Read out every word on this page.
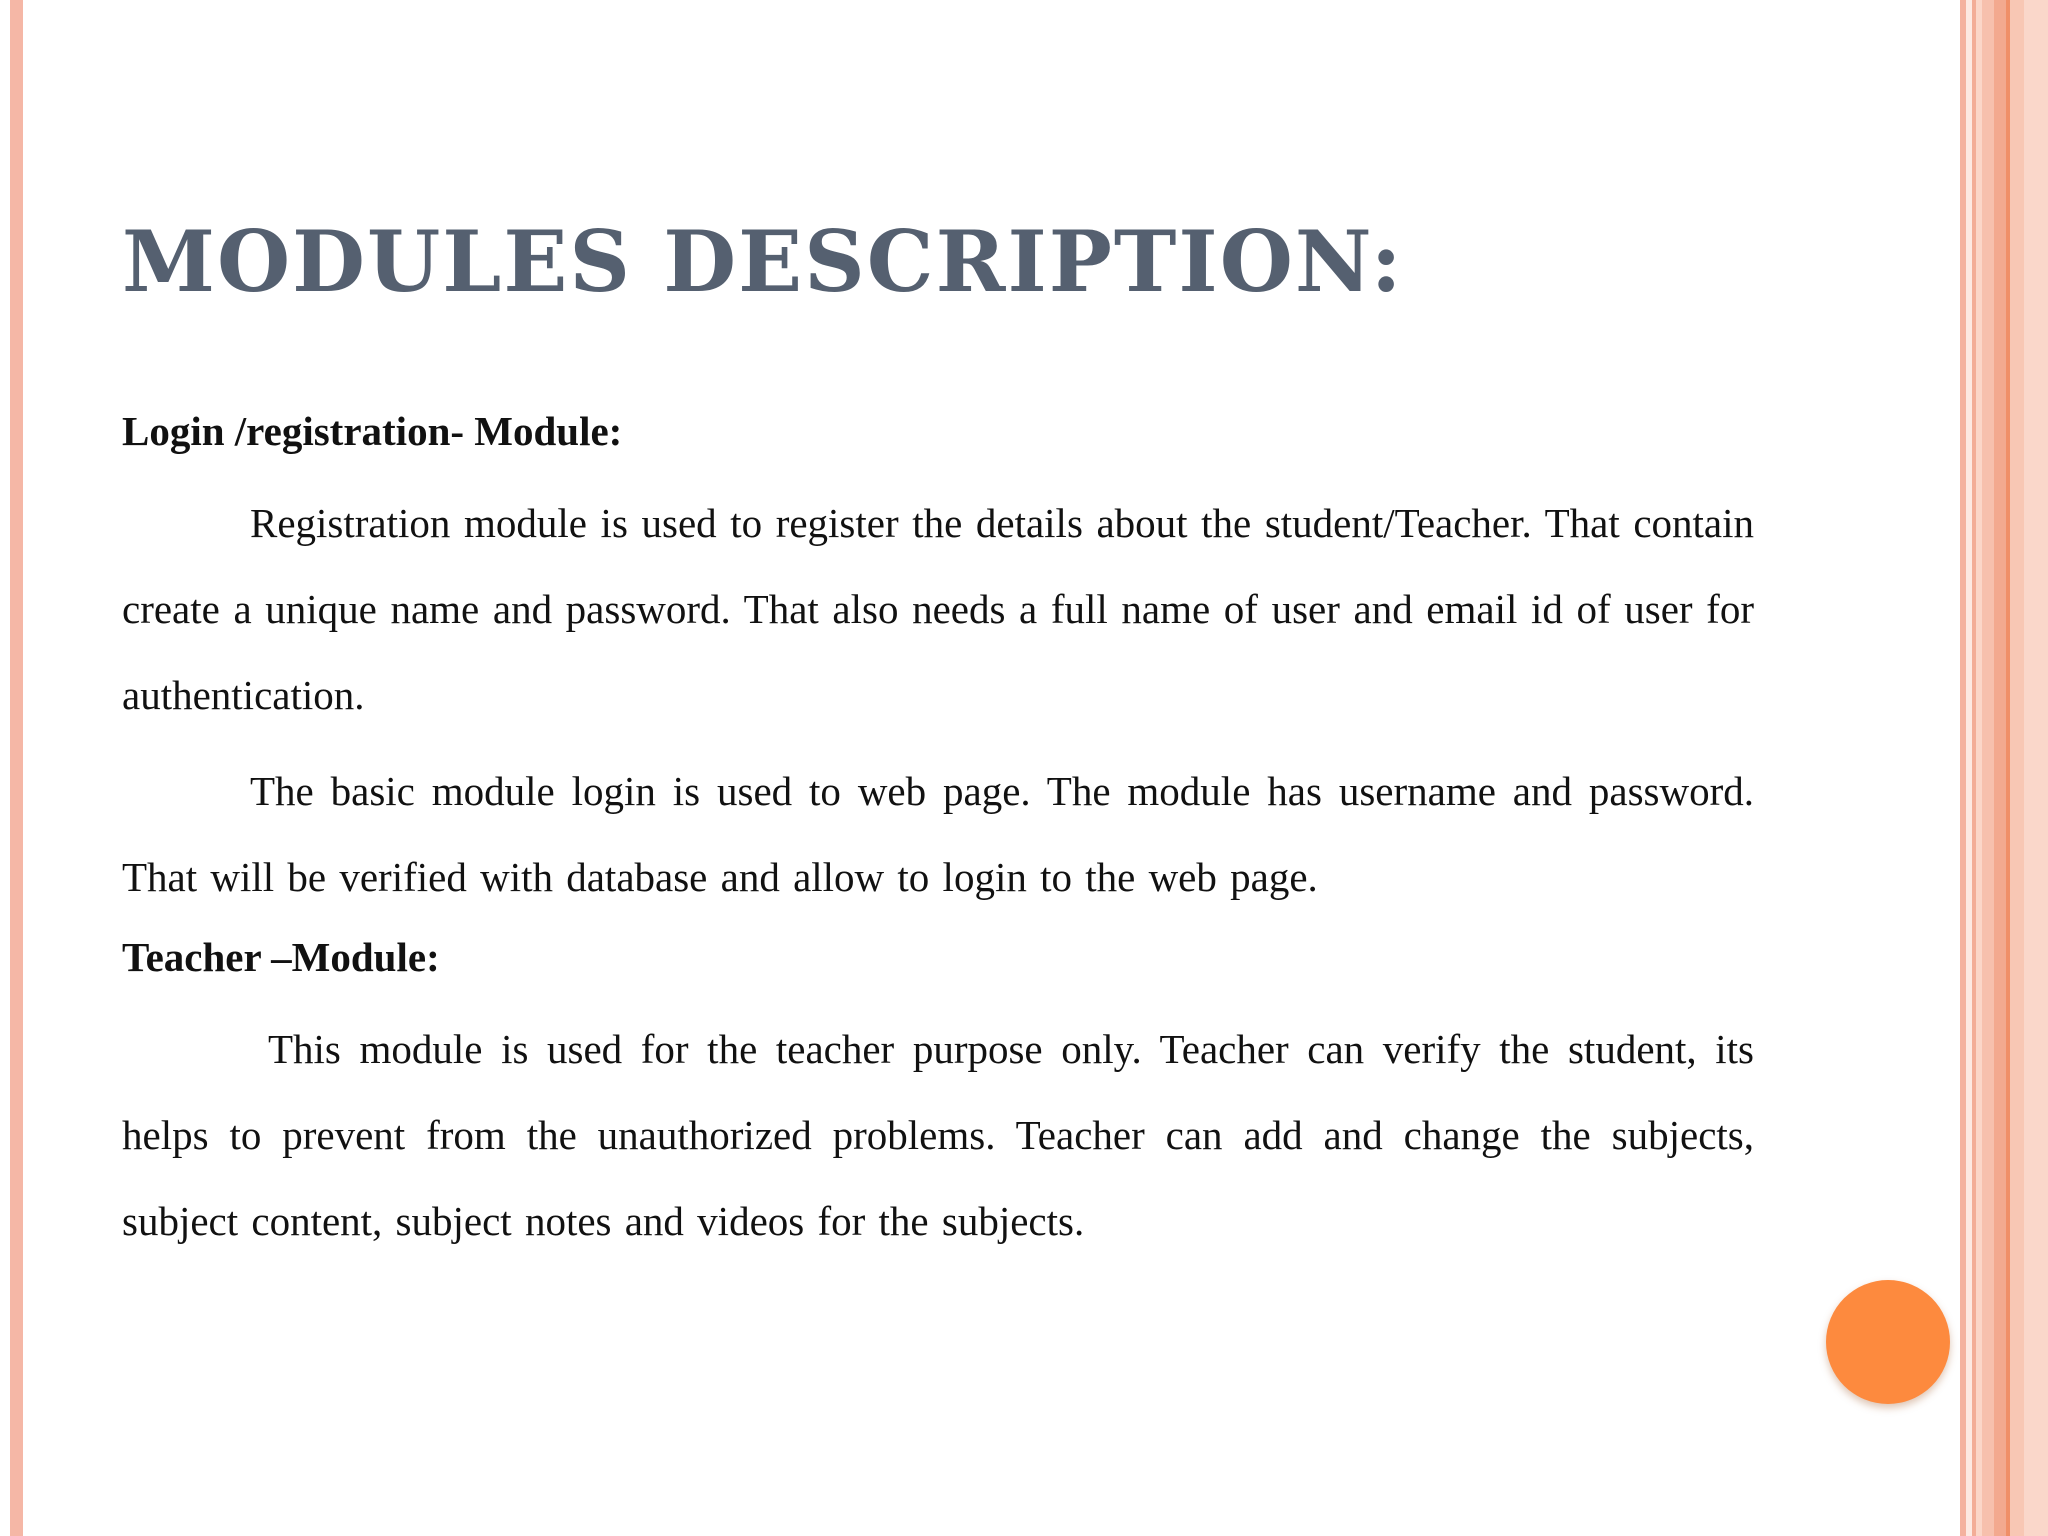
MODULES DESCRIPTION:

Login /registration- Module:

Registration module is used to register the details about the student/Teacher. That contain create a unique name and password. That also needs a full name of user and email id of user for authentication.

The basic module login is used to web page. The module has username and password. That will be verified with database and allow to login to the web page.

Teacher –Module:

This module is used for the teacher purpose only. Teacher can verify the student, its helps to prevent from the unauthorized problems. Teacher can add and change the subjects, subject content, subject notes and videos for the subjects.
